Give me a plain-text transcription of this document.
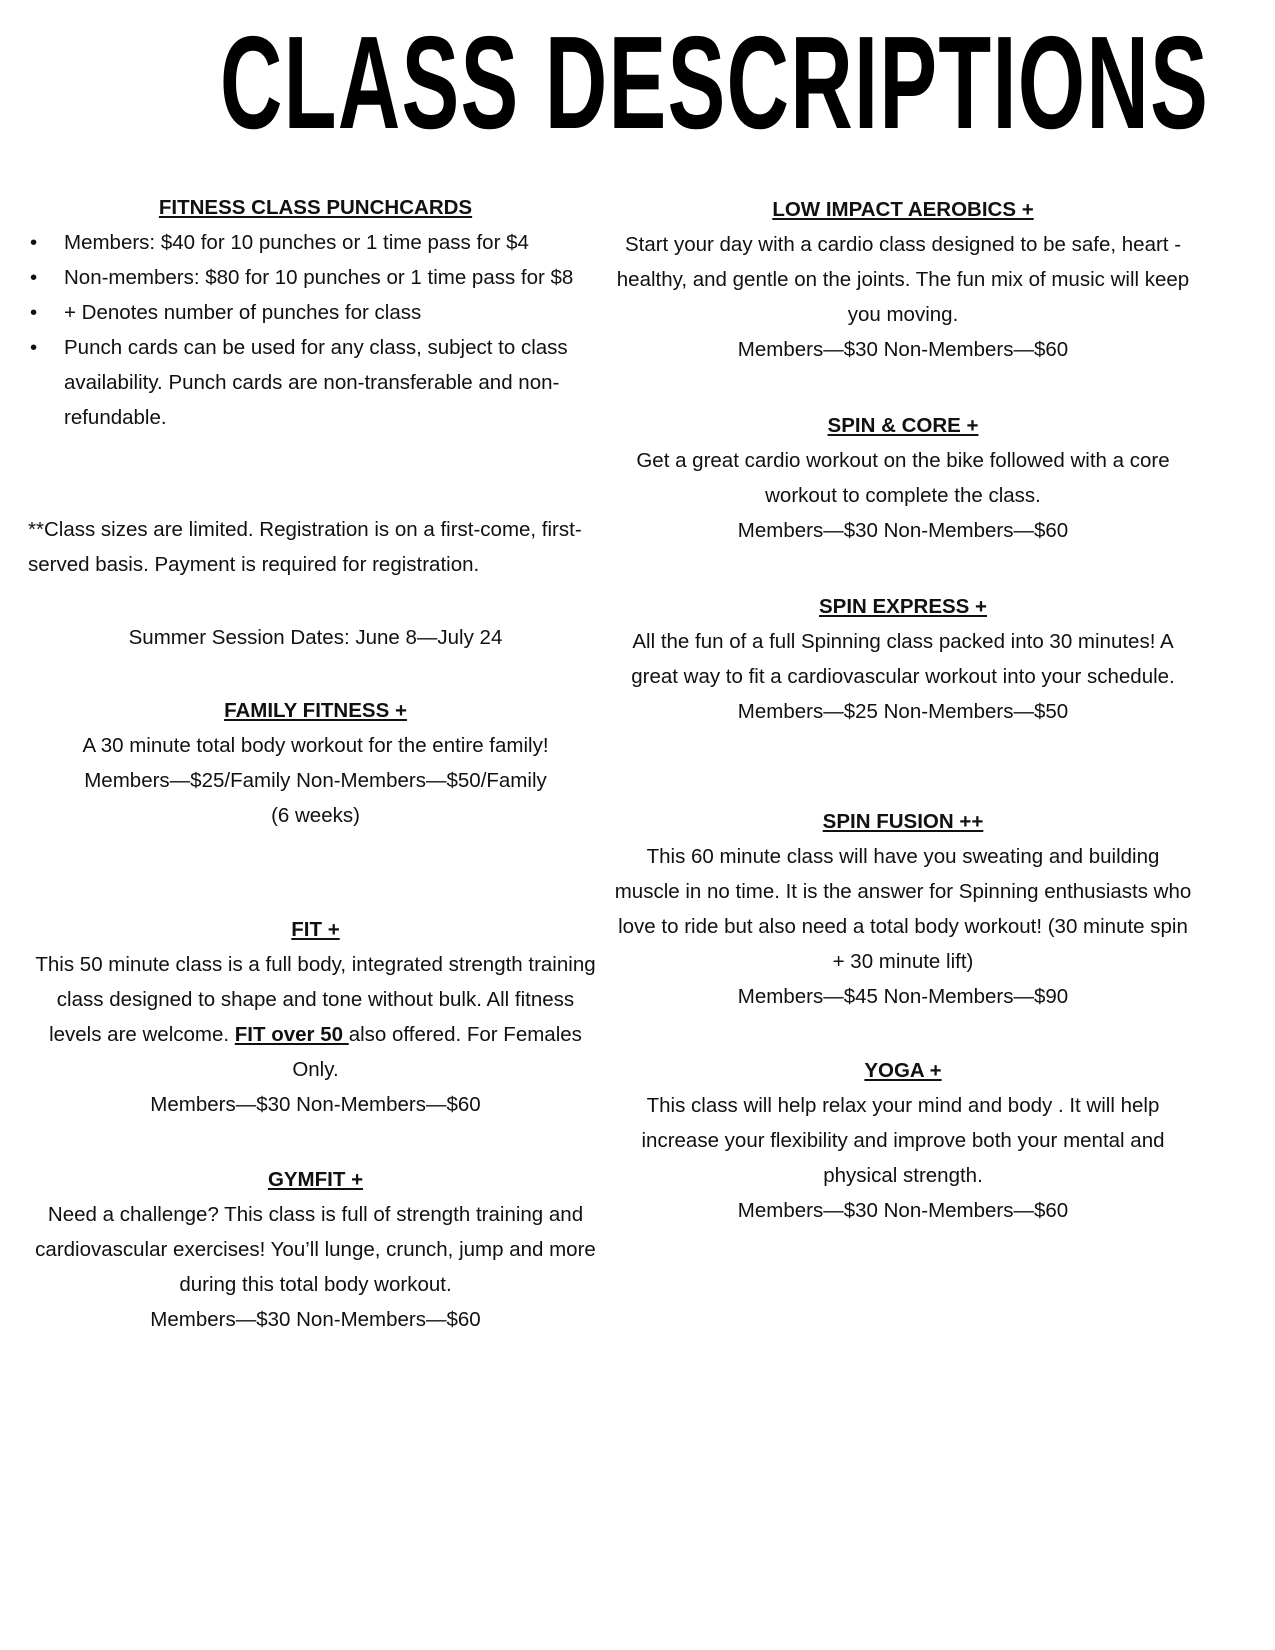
CLASS DESCRIPTIONS
FITNESS CLASS PUNCHCARDS
• Members: $40 for 10 punches or 1 time pass for $4
• Non-members: $80 for 10 punches or 1 time pass for $8
• + Denotes number of punches for class
• Punch cards can be used for any class, subject to class availability. Punch cards are non-transferable and non-refundable.
**Class sizes are limited. Registration is on a first-come, first-served basis. Payment is required for registration.
Summer Session Dates: June 8—July 24
FAMILY FITNESS +
A 30 minute total body workout for the entire family!
Members—$25/Family Non-Members—$50/Family
(6 weeks)
FIT +
This 50 minute class is a full body, integrated strength training class designed to shape and tone without bulk. All fitness levels are welcome. FIT over 50 also offered. For Females Only.
Members—$30 Non-Members—$60
GYMFIT +
Need a challenge? This class is full of strength training and cardiovascular exercises! You’ll lunge, crunch, jump and more during this total body workout.
Members—$30 Non-Members—$60
LOW IMPACT AEROBICS +
Start your day with a cardio class designed to be safe, heart -healthy, and gentle on the joints. The fun mix of music will keep you moving.
Members—$30 Non-Members—$60
SPIN & CORE +
Get a great cardio workout on the bike followed with a core workout to complete the class.
Members—$30 Non-Members—$60
SPIN EXPRESS +
All the fun of a full Spinning class packed into 30 minutes! A great way to fit a cardiovascular workout into your schedule.
Members—$25 Non-Members—$50
SPIN FUSION ++
This 60 minute class will have you sweating and building muscle in no time. It is the answer for Spinning enthusiasts who love to ride but also need a total body workout! (30 minute spin + 30 minute lift)
Members—$45 Non-Members—$90
YOGA +
This class will help relax your mind and body . It will help increase your flexibility and improve both your mental and physical strength.
Members—$30 Non-Members—$60
